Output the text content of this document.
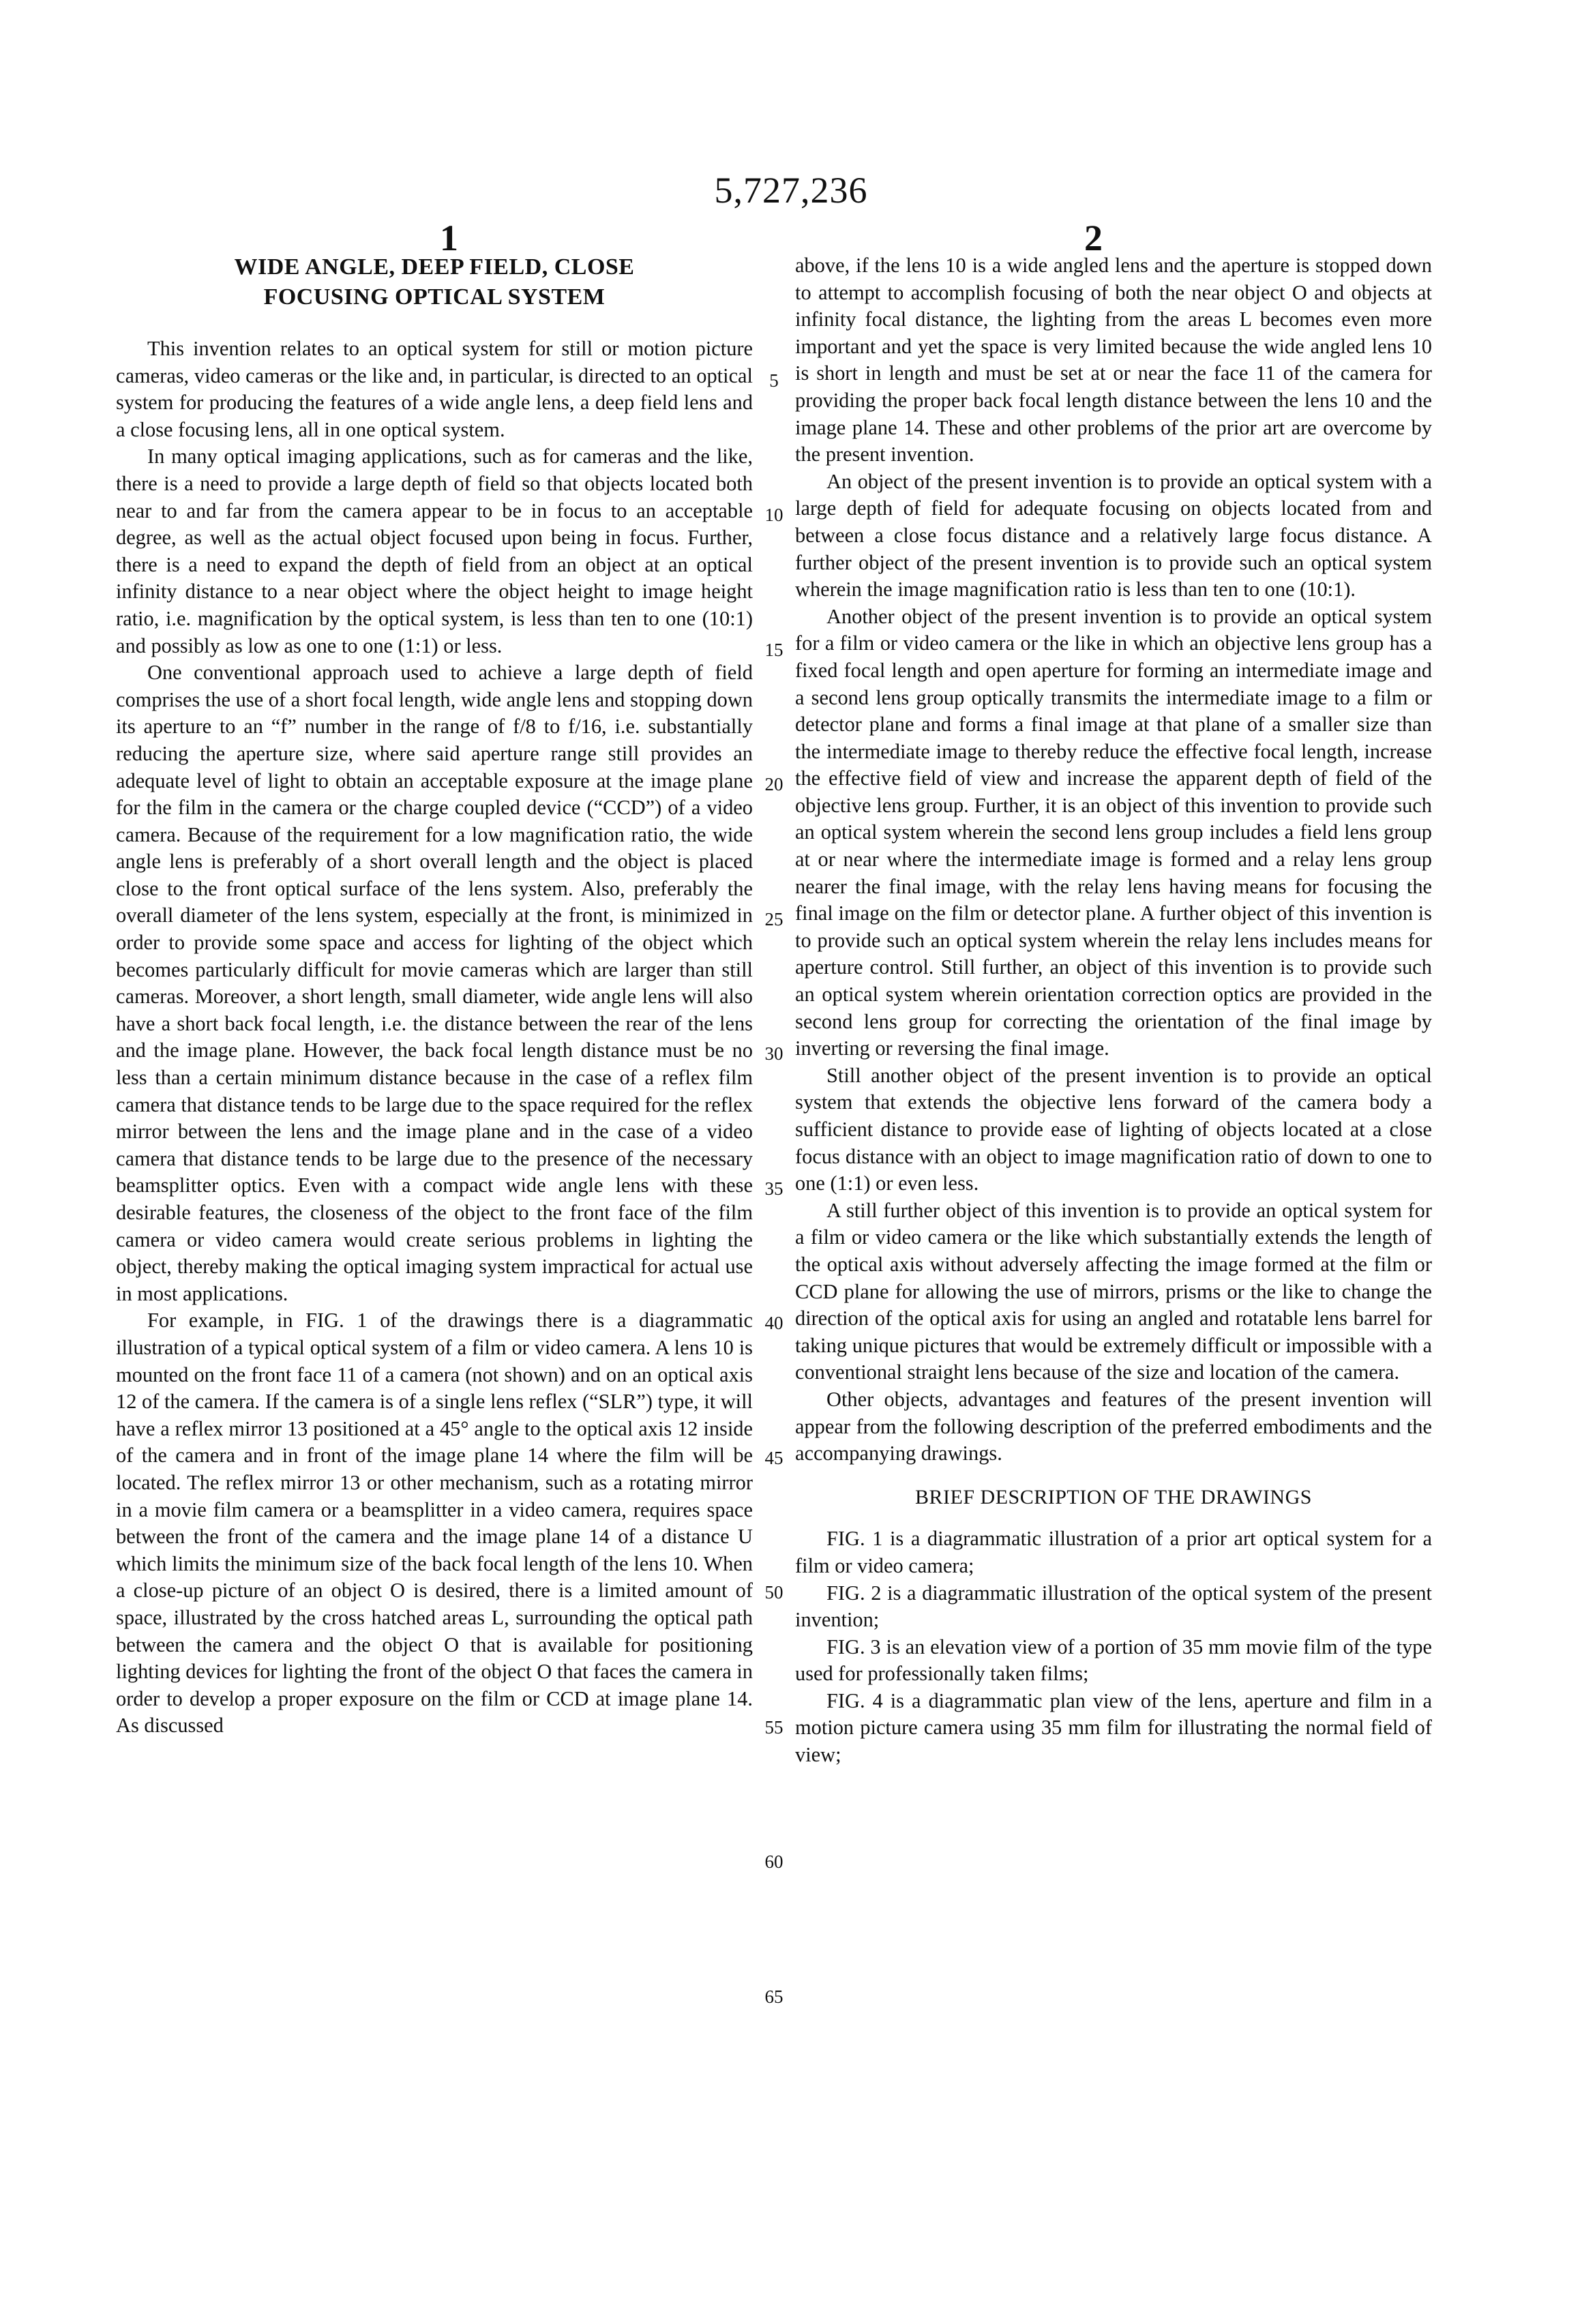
5,727,236
1	2
WIDE ANGLE, DEEP FIELD, CLOSE
FOCUSING OPTICAL SYSTEM

This invention relates to an optical system for still or motion picture cameras, video cameras or the like and, in particular, is directed to an optical system for producing the features of a wide angle lens, a deep field lens and a close focusing lens, all in one optical system.

In many optical imaging applications, such as for cameras and the like, there is a need to provide a large depth of field so that objects located both near to and far from the camera appear to be in focus to an acceptable degree, as well as the actual object focused upon being in focus. Further, there is a need to expand the depth of field from an object at an optical infinity distance to a near object where the object height to image height ratio, i.e. magnification by the optical system, is less than ten to one (10:1) and possibly as low as one to one (1:1) or less.

One conventional approach used to achieve a large depth of field comprises the use of a short focal length, wide angle lens and stopping down its aperture to an “f” number in the range of f/8 to f/16, i.e. substantially reducing the aperture size, where said aperture range still provides an adequate level of light to obtain an acceptable exposure at the image plane for the film in the camera or the charge coupled device (“CCD”) of a video camera. Because of the requirement for a low magnification ratio, the wide angle lens is preferably of a short overall length and the object is placed close to the front optical surface of the lens system. Also, preferably the overall diameter of the lens system, especially at the front, is minimized in order to provide some space and access for lighting of the object which becomes particularly difficult for movie cameras which are larger than still cameras. Moreover, a short length, small diameter, wide angle lens will also have a short back focal length, i.e. the distance between the rear of the lens and the image plane. However, the back focal length distance must be no less than a certain minimum distance because in the case of a reflex film camera that distance tends to be large due to the space required for the reflex mirror between the lens and the image plane and in the case of a video camera that distance tends to be large due to the presence of the necessary beamsplitter optics. Even with a compact wide angle lens with these desirable features, the closeness of the object to the front face of the film camera or video camera would create serious problems in lighting the object, thereby making the optical imaging system impractical for actual use in most applications.

For example, in FIG. 1 of the drawings there is a diagrammatic illustration of a typical optical system of a film or video camera. A lens 10 is mounted on the front face 11 of a camera (not shown) and on an optical axis 12 of the camera. If the camera is of a single lens reflex (“SLR”) type, it will have a reflex mirror 13 positioned at a 45° angle to the optical axis 12 inside of the camera and in front of the image plane 14 where the film will be located. The reflex mirror 13 or other mechanism, such as a rotating mirror in a movie film camera or a beamsplitter in a video camera, requires space between the front of the camera and the image plane 14 of a distance U which limits the minimum size of the back focal length of the lens 10. When a close-up picture of an object O is desired, there is a limited amount of space, illustrated by the cross hatched areas L, surrounding the optical path between the camera and the object O that is available for positioning lighting devices for lighting the front of the object O that faces the camera in order to develop a proper exposure on the film or CCD at image plane 14. As discussed

above, if the lens 10 is a wide angled lens and the aperture is stopped down to attempt to accomplish focusing of both the near object O and objects at infinity focal distance, the lighting from the areas L becomes even more important and yet the space is very limited because the wide angled lens 10 is short in length and must be set at or near the face 11 of the camera for providing the proper back focal length distance between the lens 10 and the image plane 14. These and other problems of the prior art are overcome by the present invention.

An object of the present invention is to provide an optical system with a large depth of field for adequate focusing on objects located from and between a close focus distance and a relatively large focus distance. A further object of the present invention is to provide such an optical system wherein the image magnification ratio is less than ten to one (10:1).

Another object of the present invention is to provide an optical system for a film or video camera or the like in which an objective lens group has a fixed focal length and open aperture for forming an intermediate image and a second lens group optically transmits the intermediate image to a film or detector plane and forms a final image at that plane of a smaller size than the intermediate image to thereby reduce the effective focal length, increase the effective field of view and increase the apparent depth of field of the objective lens group. Further, it is an object of this invention to provide such an optical system wherein the second lens group includes a field lens group at or near where the intermediate image is formed and a relay lens group nearer the final image, with the relay lens having means for focusing the final image on the film or detector plane. A further object of this invention is to provide such an optical system wherein the relay lens includes means for aperture control. Still further, an object of this invention is to provide such an optical system wherein orientation correction optics are provided in the second lens group for correcting the orientation of the final image by inverting or reversing the final image.

Still another object of the present invention is to provide an optical system that extends the objective lens forward of the camera body a sufficient distance to provide ease of lighting of objects located at a close focus distance with an object to image magnification ratio of down to one to one (1:1) or even less.

A still further object of this invention is to provide an optical system for a film or video camera or the like which substantially extends the length of the optical axis without adversely affecting the image formed at the film or CCD plane for allowing the use of mirrors, prisms or the like to change the direction of the optical axis for using an angled and rotatable lens barrel for taking unique pictures that would be extremely difficult or impossible with a conventional straight lens because of the size and location of the camera.

Other objects, advantages and features of the present invention will appear from the following description of the preferred embodiments and the accompanying drawings.

BRIEF DESCRIPTION OF THE DRAWINGS

FIG. 1 is a diagrammatic illustration of a prior art optical system for a film or video camera;

FIG. 2 is a diagrammatic illustration of the optical system of the present invention;

FIG. 3 is an elevation view of a portion of 35 mm movie film of the type used for professionally taken films;

FIG. 4 is a diagrammatic plan view of the lens, aperture and film in a motion picture camera using 35 mm film for illustrating the normal field of view;

5
10
15
20
25
30
35
40
45
50
55
60
65
